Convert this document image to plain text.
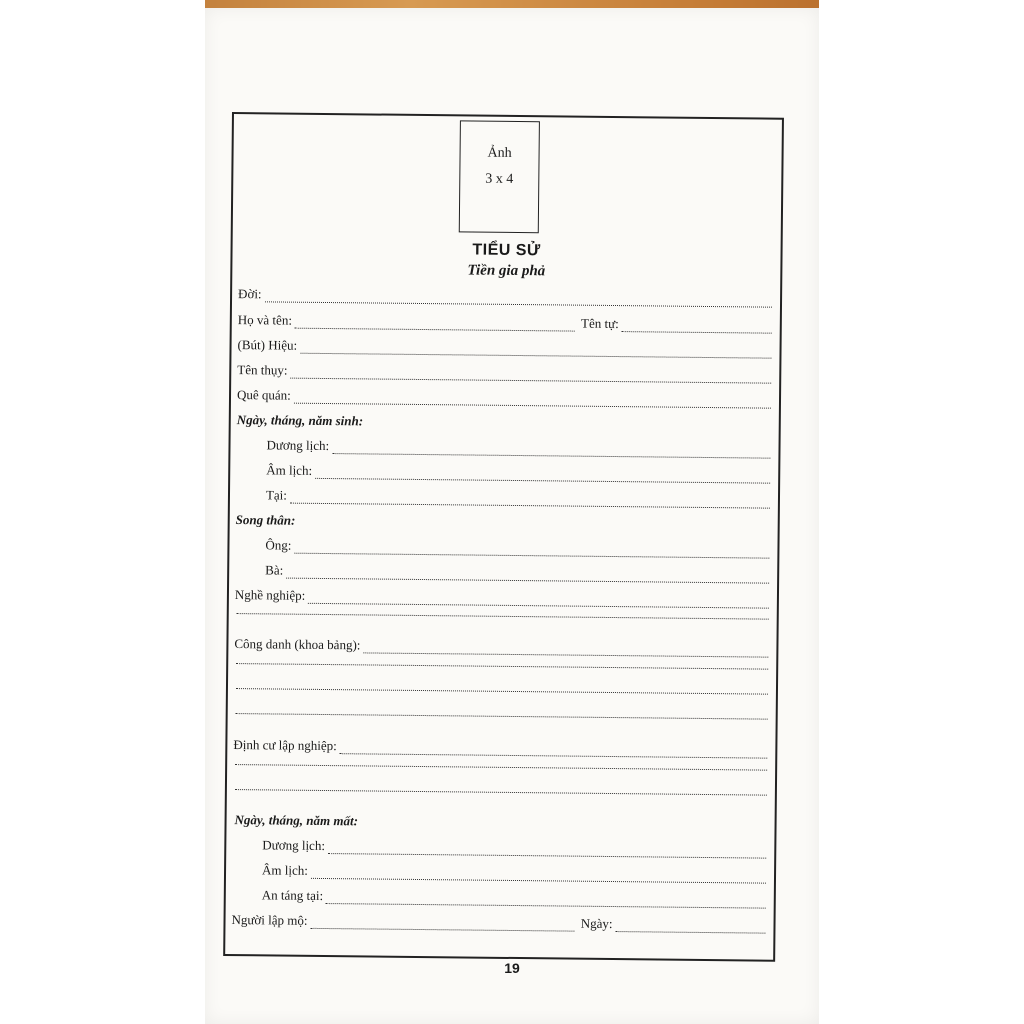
Ảnh
3 x 4
TIỂU SỬ
Tiền gia phả
Đời:
Họ và tên:	Tên tự:
(Bút) Hiệu:
Tên thụy:
Quê quán:
Ngày, tháng, năm sinh:
Dương lịch:
Âm lịch:
Tại:
Song thân:
Ông:
Bà:
Nghề nghiệp:
Công danh (khoa bảng):
Định cư lập nghiệp:
Ngày, tháng, năm mất:
Dương lịch:
Âm lịch:
An táng tại:
Người lập mộ:	Ngày:
19
